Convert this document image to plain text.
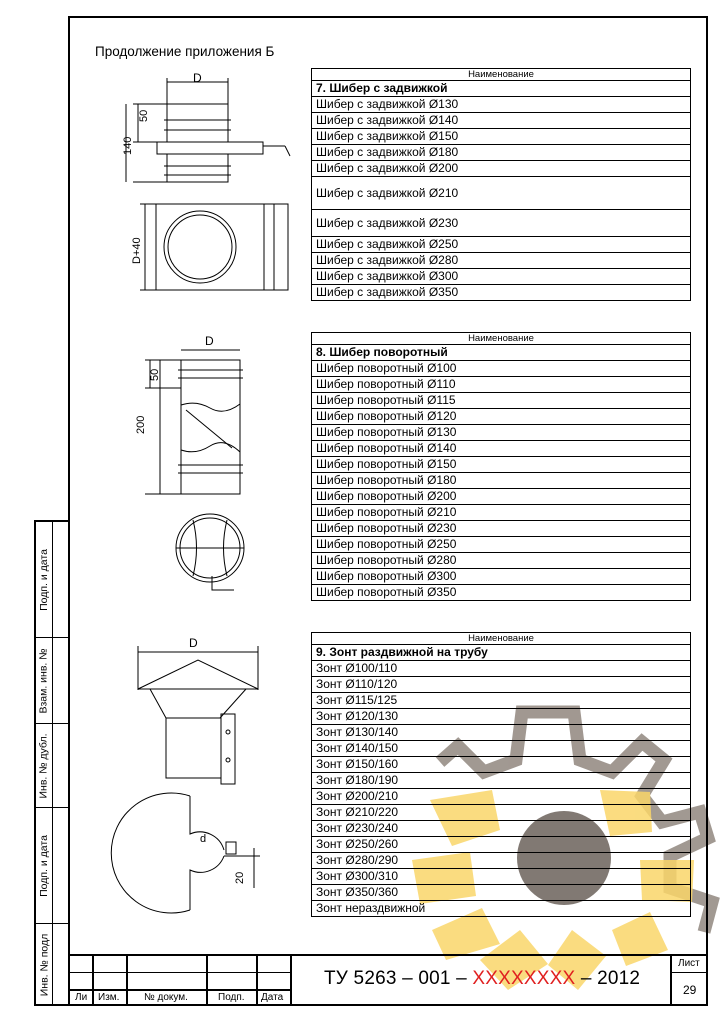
Подп. и дата
Взам. инв. №
Инв. № дубл.
Подп. и дата
Инв. № подл
Продолжение приложения Б
D
50
140
D+40
D
50
200
D
d
20
Наименование
7. Шибер с задвижкой
Шибер с задвижкой Ø130
Шибер с задвижкой Ø140
Шибер с задвижкой Ø150
Шибер с задвижкой Ø180
Шибер с задвижкой Ø200
Шибер с задвижкой Ø210
Шибер с задвижкой Ø230
Шибер с задвижкой Ø250
Шибер с задвижкой Ø280
Шибер с задвижкой Ø300
Шибер с задвижкой Ø350
Наименование
8. Шибер поворотный
Шибер поворотный Ø100
Шибер поворотный Ø110
Шибер поворотный Ø115
Шибер поворотный Ø120
Шибер поворотный Ø130
Шибер поворотный Ø140
Шибер поворотный Ø150
Шибер поворотный Ø180
Шибер поворотный Ø200
Шибер поворотный Ø210
Шибер поворотный Ø230
Шибер поворотный Ø250
Шибер поворотный Ø280
Шибер поворотный Ø300
Шибер поворотный Ø350
Наименование
9. Зонт раздвижной на трубу
Зонт Ø100/110
Зонт Ø110/120
Зонт Ø115/125
Зонт Ø120/130
Зонт Ø130/140
Зонт Ø140/150
Зонт Ø150/160
Зонт Ø180/190
Зонт Ø200/210
Зонт Ø210/220
Зонт Ø230/240
Зонт Ø250/260
Зонт Ø280/290
Зонт Ø300/310
Зонт Ø350/360
Зонт нераздвижной
Ли Изм. № докум.	Подп. Дата
ТУ 5263 – 001 – XXXXXXXX – 2012
Лист
29
